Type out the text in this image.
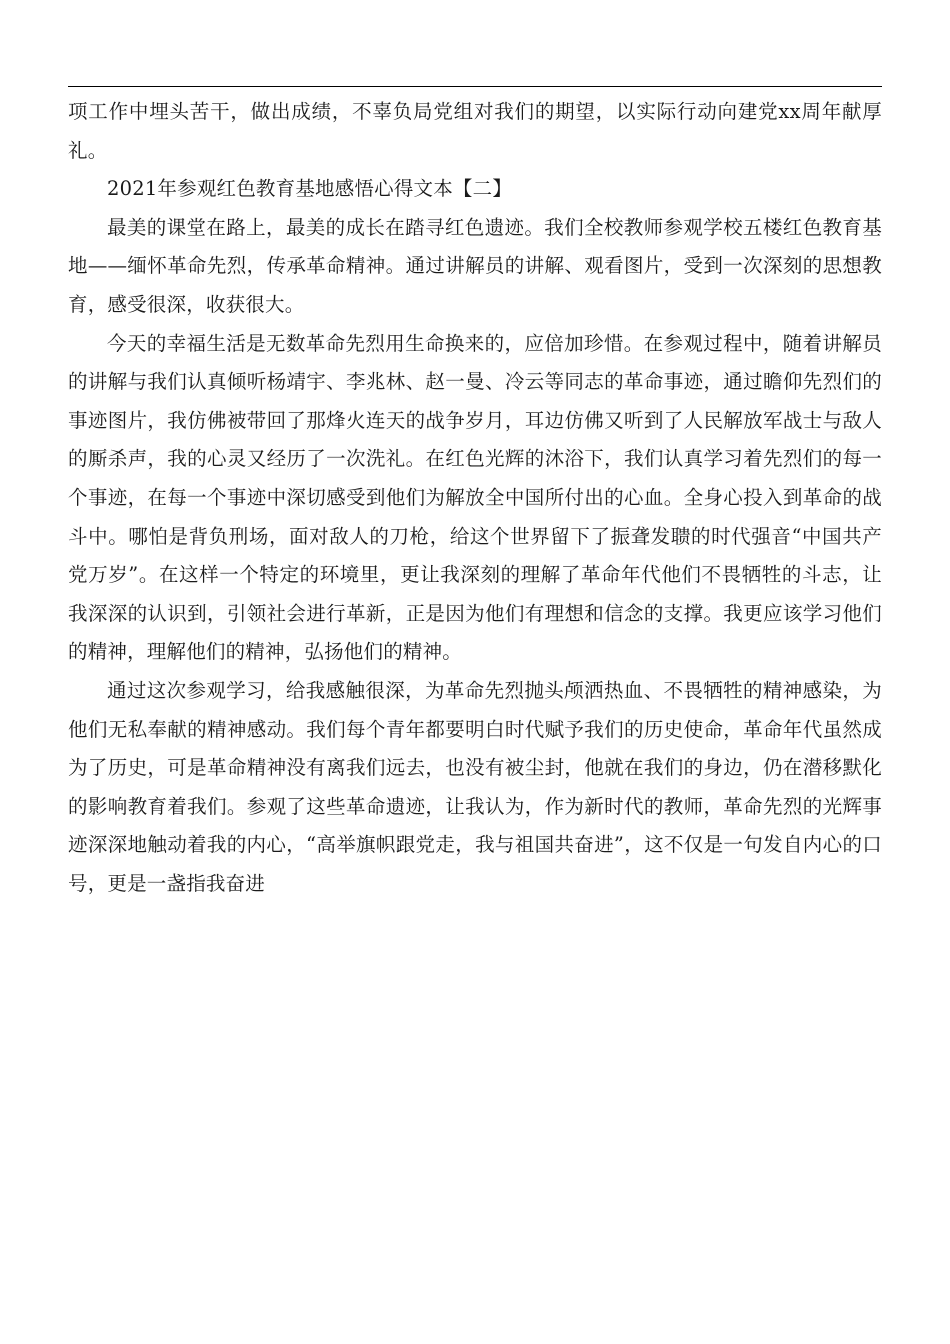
项工作中埋头苦干，做出成绩，不辜负局党组对我们的期望，以实际行动向建党xx周年献厚礼。

2021年参观红色教育基地感悟心得文本【二】

最美的课堂在路上，最美的成长在踏寻红色遗迹。我们全校教师参观学校五楼红色教育基地——缅怀革命先烈，传承革命精神。通过讲解员的讲解、观看图片，受到一次深刻的思想教育，感受很深，收获很大。

今天的幸福生活是无数革命先烈用生命换来的，应倍加珍惜。在参观过程中，随着讲解员的讲解与我们认真倾听杨靖宇、李兆林、赵一曼、冷云等同志的革命事迹，通过瞻仰先烈们的事迹图片，我仿佛被带回了那烽火连天的战争岁月，耳边仿佛又听到了人民解放军战士与敌人的厮杀声，我的心灵又经历了一次洗礼。在红色光辉的沐浴下，我们认真学习着先烈们的每一个事迹，在每一个事迹中深切感受到他们为解放全中国所付出的心血。全身心投入到革命的战斗中。哪怕是背负刑场，面对敌人的刀枪，给这个世界留下了振聋发聩的时代强音“中国共产党万岁”。在这样一个特定的环境里，更让我深刻的理解了革命年代他们不畏牺牲的斗志，让我深深的认识到，引领社会进行革新，正是因为他们有理想和信念的支撑。我更应该学习他们的精神，理解他们的精神，弘扬他们的精神。

通过这次参观学习，给我感触很深，为革命先烈抛头颅洒热血、不畏牺牲的精神感染，为他们无私奉献的精神感动。我们每个青年都要明白时代赋予我们的历史使命，革命年代虽然成为了历史，可是革命精神没有离我们远去，也没有被尘封，他就在我们的身边，仍在潜移默化的影响教育着我们。参观了这些革命遗迹，让我认为，作为新时代的教师，革命先烈的光辉事迹深深地触动着我的内心，“高举旗帜跟党走，我与祖国共奋进”，这不仅是一句发自内心的口号，更是一盏指我奋进
